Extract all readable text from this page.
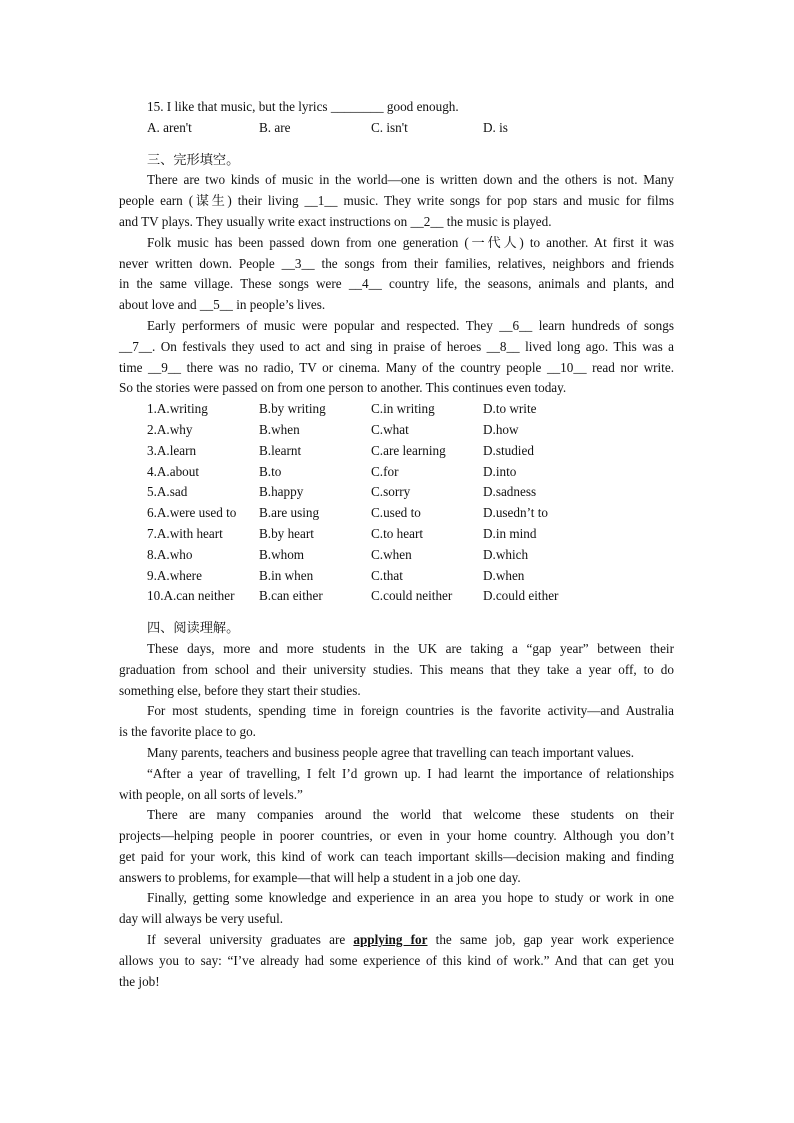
15. I like that music, but the lyrics ________ good enough.
A. aren't	B. are	C. isn't	D. is
三、完形填空。
There are two kinds of music in the world—one is written down and the others is not. Many
people earn (谋生) their living __1__ music. They write songs for pop stars and music for films
and TV plays. They usually write exact instructions on __2__ the music is played.
Folk music has been passed down from one generation (一代人) to another. At first it was
never written down. People __3__ the songs from their families, relatives, neighbors and friends
in the same village. These songs were __4__ country life, the seasons, animals and plants, and
about love and __5__ in people’s lives.
Early performers of music were popular and respected. They __6__ learn hundreds of songs
__7__. On festivals they used to act and sing in praise of heroes __8__ lived long ago. This was a
time __9__ there was no radio, TV or cinema. Many of the country people __10__ read nor write.
So the stories were passed on from one person to another. This continues even today.
1.A.writing	B.by writing	C.in writing	D.to write
2.A.why	B.when	C.what	D.how
3.A.learn	B.learnt	C.are learning	D.studied
4.A.about	B.to	C.for	D.into
5.A.sad	B.happy	C.sorry	D.sadness
6.A.were used to B.are using	C.used to	D.usedn’t to
7.A.with heart	B.by heart	C.to heart	D.in mind
8.A.who	B.whom	C.when	D.which
9.A.where	B.in when	C.that	D.when
10.A.can neither B.can either	C.could neither D.could either
四、阅读理解。
These days, more and more students in the UK are taking a “gap year” between their
graduation from school and their university studies. This means that they take a year off, to do
something else, before they start their studies.
For most students, spending time in foreign countries is the favorite activity—and Australia
is the favorite place to go.
Many parents, teachers and business people agree that travelling can teach important values.
“After a year of travelling, I felt I’d grown up. I had learnt the importance of relationships
with people, on all sorts of levels.”
There are many companies around the world that welcome these students on their
projects—helping people in poorer countries, or even in your home country. Although you don’t
get paid for your work, this kind of work can teach important skills—decision making and finding
answers to problems, for example—that will help a student in a job one day.
Finally, getting some knowledge and experience in an area you hope to study or work in one
day will always be very useful.
If several university graduates are applying for the same job, gap year work experience
allows you to say: “I’ve already had some experience of this kind of work.” And that can get you
the job!
